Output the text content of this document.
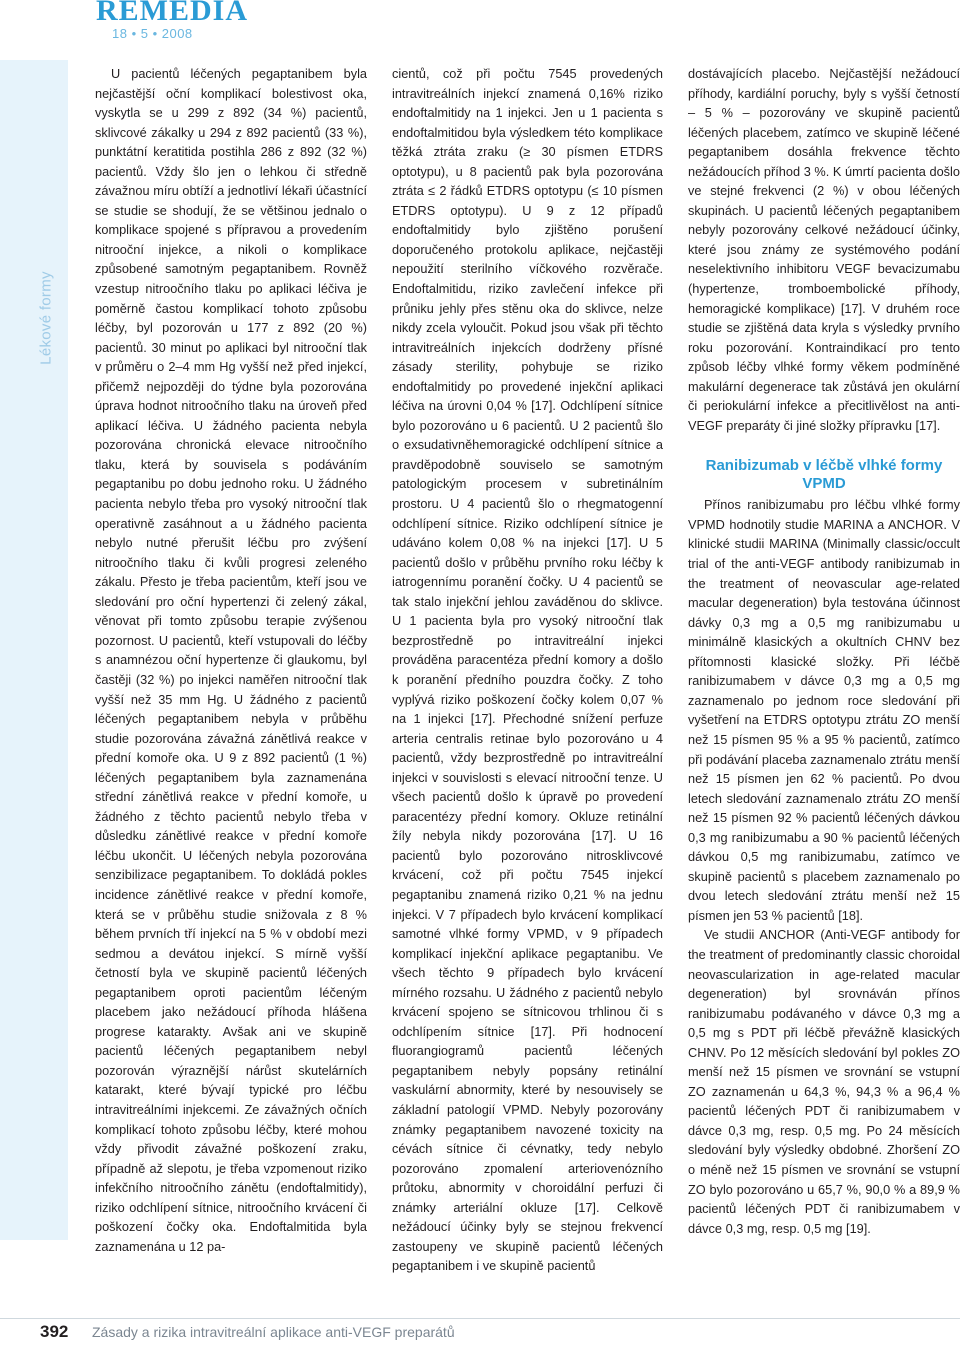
REMEDIA
18 • 5 • 2008
Lékové formy

U pacientů léčených pegaptanibem byla nejčastější oční komplikací bolestivost oka, vyskytla se u 299 z 892 (34 %) pacientů, sklivcové zákalky u 294 z 892 pacientů (33 %), punktátní keratitida postihla 286 z 892 (32 %) pacientů. Vždy šlo jen o lehkou či středně závažnou míru obtíží a jednotliví lékaři účastnící se studie se shodují, že se většinou jednalo o komplikace spojené s přípravou a provedením nitrooční injekce, a nikoli o komplikace způsobené samotným pegaptanibem. Rovněž vzestup nitroočního tlaku po aplikaci léčiva je poměrně častou komplikací tohoto způsobu léčby, byl pozorován u 177 z 892 (20 %) pacientů. 30 minut po aplikaci byl nitrooční tlak v průměru o 2–4 mm Hg vyšší než před injekcí, přičemž nejpozději do týdne byla pozorována úprava hodnot nitroočního tlaku na úroveň před aplikací léčiva. U žádného pacienta nebyla pozorována chronická elevace nitroočního tlaku, která by souvisela s podáváním pegaptanibu po dobu jednoho roku. U žádného pacienta nebylo třeba pro vysoký nitrooční tlak operativně zasáhnout a u žádného pacienta nebylo nutné přerušit léčbu pro zvýšení nitroočního tlaku či kvůli progresi zeleného zákalu. Přesto je třeba pacientům, kteří jsou ve sledování pro oční hypertenzi či zelený zákal, věnovat při tomto způsobu terapie zvýšenou pozornost. U pacientů, kteří vstupovali do léčby s anamnézou oční hypertenze či glaukomu, byl častěji (32 %) po injekci naměřen nitrooční tlak vyšší než 35 mm Hg. U žádného z pacientů léčených pegaptanibem nebyla v průběhu studie pozorována závažná zánětlivá reakce v přední komoře oka. U 9 z 892 pacientů (1 %) léčených pegaptanibem byla zaznamenána střední zánětlivá reakce v přední komoře, u žádného z těchto pacientů nebylo třeba v důsledku zánětlivé reakce v přední komoře léčbu ukončit. U léčených nebyla pozorována senzibilizace pegaptanibem. To dokládá pokles incidence zánětlivé reakce v přední komoře, která se v průběhu studie snižovala z 8 % během prvních tří injekcí na 5 % v období mezi sedmou a devátou injekcí. S mírně vyšší četností byla ve skupině pacientů léčených pegaptanibem oproti pacientům léčeným placebem jako nežádoucí příhoda hlášena progrese katarakty. Avšak ani ve skupině pacientů léčených pegaptanibem nebyl pozorován výraznější nárůst skutelárních katarakt, které bývají typické pro léčbu intravitreálními injekcemi. Ze závažných očních komplikací tohoto způsobu léčby, které mohou vždy přivodit závažné poškození zraku, případně až slepotu, je třeba vzpomenout riziko infekčního nitroočního zánětu (endoftalmitidy), riziko odchlípení sítnice, nitroočního krvácení či poškození čočky oka. Endoftalmitida byla zaznamenána u 12 pa-

cientů, což při počtu 7545 provedených intravitreálních injekcí znamená 0,16% riziko endoftalmitidy na 1 injekci. Jen u 1 pacienta s endoftalmitidou byla výsledkem této komplikace těžká ztráta zraku (≥ 30 písmen ETDRS optotypu), u 8 pacientů pak byla pozorována ztráta ≤ 2 řádků ETDRS optotypu (≤ 10 písmen ETDRS optotypu). U 9 z 12 případů endoftalmitidy bylo zjištěno porušení doporučeného protokolu aplikace, nejčastěji nepoužití sterilního víčkového rozvěrače. Endoftalmitidu, riziko zavlečení infekce při průniku jehly přes stěnu oka do sklivce, nelze nikdy zcela vyloučit. Pokud jsou však při těchto intravitreálních injekcích dodrženy přísné zásady sterility, pohybuje se riziko endoftalmitidy po provedené injekční aplikaci léčiva na úrovni 0,04 % [17]. Odchlípení sítnice bylo pozorováno u 6 pacientů. U 2 pacientů šlo o exsudativněhemoragické odchlípení sítnice a pravděpodobně souviselo se samotným patologickým procesem v subretinálním prostoru. U 4 pacientů šlo o rhegmatogenní odchlípení sítnice. Rizikо odchlípení sítnice je udáváno kolem 0,08 % na injekci [17]. U 5 pacientů došlo v průběhu prvního roku léčby k iatrogennímu poranění čočky. U 4 pacientů se tak stalo injekční jehlou zaváděnou do sklivce. U 1 pacienta byla pro vysoký nitrooční tlak bezprostředně po intravitreální injekci prováděna paracentéza přední komory a došlo k poranění předního pouzdra čočky. Z toho vyplývá riziko poškození čočky kolem 0,07 % na 1 injekci [17]. Přechodné snížení perfuze arteria centralis retinae bylo pozorováno u 4 pacientů, vždy bezprostředně po intravitreální injekci v souvislosti s elevací nitrooční tenze. U všech pacientů došlo k úpravě po provedení paracentézy přední komory. Okluze retinální žíly nebyla nikdy pozorována [17]. U 16 pacientů bylo pozorováno nitrosklivcové krvácení, což při počtu 7545 injekcí pegaptanibu znamená riziko 0,21 % na jednu injekci. V 7 případech bylo krvácení komplikací samotné vlhké formy VPMD, v 9 případech komplikací injekční aplikace pegaptanibu. Ve všech těchto 9 případech bylo krvácení mírného rozsahu. U žádného z pacientů nebylo krvácení spojeno se sítnicovou trhlinou či s odchlípením sítnice [17]. Při hodnocení fluorangiogramů pacientů léčených pegaptanibem nebyly popsány retinální vaskulární abnormity, které by nesouvisely se základní patologií VPMD. Nebyly pozorovány známky pegaptanibem navozené toxicity na cévách sítnice či cévnatky, tedy nebylo pozorováno zpomalení arteriovenózního průtoku, abnormity v choroidální perfuzi či známky arteriální okluze [17]. Celkově nežádoucí účinky byly se stejnou frekvencí zastoupeny ve skupině pacientů léčených pegaptanibem i ve skupině pacientů

dostávajících placebo. Nejčastější nežádoucí příhody, kardiální poruchy, byly s vyšší četností – 5 % – pozorovány ve skupině pacientů léčených placebem, zatímco ve skupině léčené pegaptanibem dosáhla frekvence těchto nežádoucích příhod 3 %. K úmrtí pacienta došlo ve stejné frekvenci (2 %) v obou léčených skupinách. U pacientů léčených pegaptanibem nebyly pozorovány celkové nežádoucí účinky, které jsou známy ze systémového podání neselektivního inhibitoru VEGF bevacizumabu (hypertenze, tromboembolické příhody, hemoragické komplikace) [17]. V druhém roce studie se zjištěná data kryla s výsledky prvního roku pozorování. Kontraindikací pro tento způsob léčby vlhké formy věkem podmíněné makulární degenerace tak zůstává jen okulární či periokulární infekce a přecitlivělost na anti-VEGF preparáty či jiné složky přípravku [17].

Ranibizumab v léčbě vlhké formy VPMD

Přínos ranibizumabu pro léčbu vlhké formy VPMD hodnotily studie MARINA a ANCHOR. V klinické studii MARINA (Minimally classic/occult trial of the anti-VEGF antibody ranibizumab in the treatment of neovascular age-related macular degeneration) byla testována účinnost dávky 0,3 mg a 0,5 mg ranibizumabu u minimálně klasických a okultních CHNV bez přítomnosti klasické složky. Při léčbě ranibizumabem v dávce 0,3 mg a 0,5 mg zaznamenalo po jednom roce sledování při vyšetření na ETDRS optotypu ztrátu ZO menší než 15 písmen 95 % a 95 % pacientů, zatímco při podávání placeba zaznamenalo ztrátu menší než 15 písmen jen 62 % pacientů. Po dvou letech sledování zaznamenalo ztrátu ZO menší než 15 písmen 92 % pacientů léčených dávkou 0,3 mg ranibizumabu a 90 % pacientů léčených dávkou 0,5 mg ranibizumabu, zatímco ve skupině pacientů s placebem zaznamenalo po dvou letech sledování ztrátu menší než 15 písmen jen 53 % pacientů [18].

Ve studii ANCHOR (Anti-VEGF antibody for the treatment of predominantly classic choroidal neovascularization in age-related macular degeneration) byl srovnáván přínos ranibizumabu podávaného v dávce 0,3 mg a 0,5 mg s PDT při léčbě převážně klasických CHNV. Po 12 měsících sledování byl pokles ZO menší než 15 písmen ve srovnání se vstupní ZO zaznamenán u 64,3 %, 94,3 % a 96,4 % pacientů léčených PDT či ranibizumabem v dávce 0,3 mg, resp. 0,5 mg. Po 24 měsících sledování byly výsledky obdobné. Zhoršení ZO o méně než 15 písmen ve srovnání se vstupní ZO bylo pozorováno u 65,7 %, 90,0 % a 89,9 % pacientů léčených PDT či ranibizumabem v dávce 0,3 mg, resp. 0,5 mg [19].

392 Zásady a rizika intravitreální aplikace anti-VEGF preparátů
